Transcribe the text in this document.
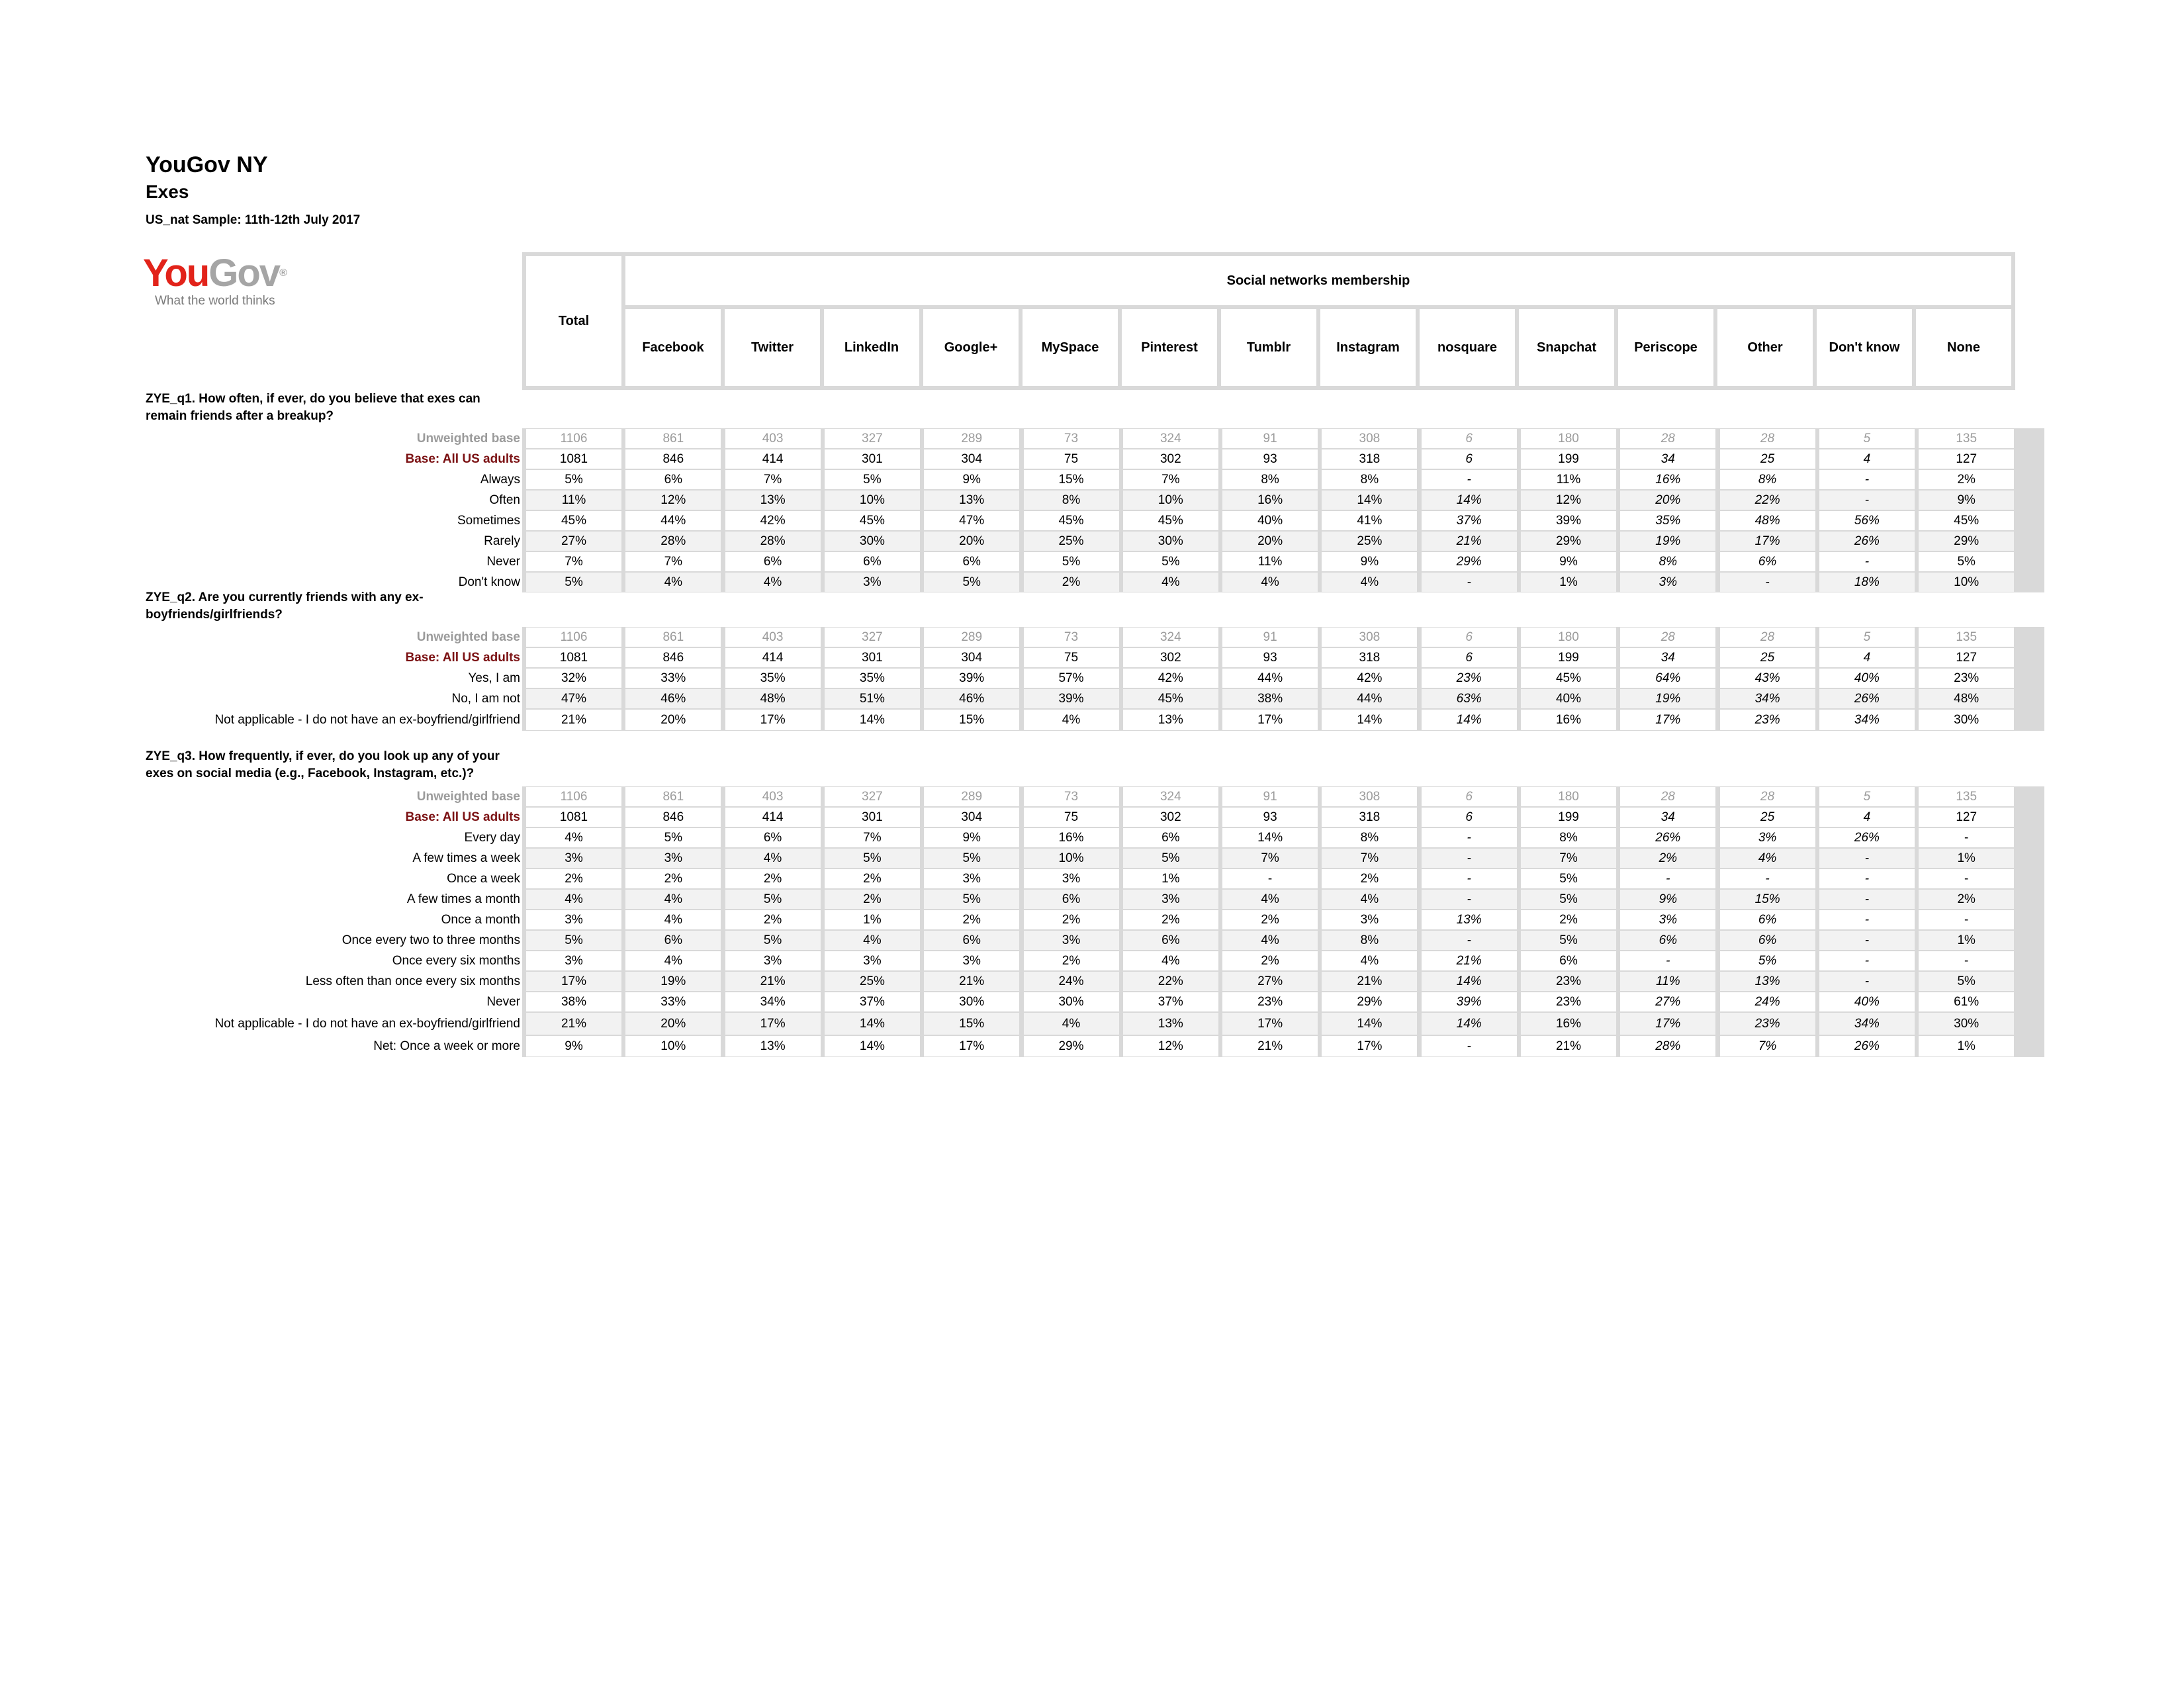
YouGov NY
Exes
US_nat Sample: 11th-12th July 2017
YouGov®
What the world thinks
Total	Social networks membership													
	Facebook	Twitter	LinkedIn	Google+	MySpace	Pinterest	Tumblr	Instagram	nosquare	Snapchat	Periscope	Other	Don't know	None
ZYE_q1. How often, if ever, do you believe that exes can remain friends after a breakup?
Unweighted base	1106	861	403	327	289	73	324	91	308	6	180	28	28	5	135
Base: All US adults	1081	846	414	301	304	75	302	93	318	6	199	34	25	4	127
Always	5%	6%	7%	5%	9%	15%	7%	8%	8%	-	11%	16%	8%	-	2%
Often	11%	12%	13%	10%	13%	8%	10%	16%	14%	14%	12%	20%	22%	-	9%
Sometimes	45%	44%	42%	45%	47%	45%	45%	40%	41%	37%	39%	35%	48%	56%	45%
Rarely	27%	28%	28%	30%	20%	25%	30%	20%	25%	21%	29%	19%	17%	26%	29%
Never	7%	7%	6%	6%	6%	5%	5%	11%	9%	29%	9%	8%	6%	-	5%
Don't know	5%	4%	4%	3%	5%	2%	4%	4%	4%	-	1%	3%	-	18%	10%
ZYE_q2. Are you currently friends with any ex-boyfriends/girlfriends?
Unweighted base	1106	861	403	327	289	73	324	91	308	6	180	28	28	5	135
Base: All US adults	1081	846	414	301	304	75	302	93	318	6	199	34	25	4	127
Yes, I am	32%	33%	35%	35%	39%	57%	42%	44%	42%	23%	45%	64%	43%	40%	23%
No, I am not	47%	46%	48%	51%	46%	39%	45%	38%	44%	63%	40%	19%	34%	26%	48%
Not applicable - I do not have an ex-boyfriend/girlfriend	21%	20%	17%	14%	15%	4%	13%	17%	14%	14%	16%	17%	23%	34%	30%
ZYE_q3. How frequently, if ever, do you look up any of your exes on social media (e.g., Facebook, Instagram, etc.)?
Unweighted base	1106	861	403	327	289	73	324	91	308	6	180	28	28	5	135
Base: All US adults	1081	846	414	301	304	75	302	93	318	6	199	34	25	4	127
Every day	4%	5%	6%	7%	9%	16%	6%	14%	8%	-	8%	26%	3%	26%	-
A few times a week	3%	3%	4%	5%	5%	10%	5%	7%	7%	-	7%	2%	4%	-	1%
Once a week	2%	2%	2%	2%	3%	3%	1%	-	2%	-	5%	-	-	-	-
A few times a month	4%	4%	5%	2%	5%	6%	3%	4%	4%	-	5%	9%	15%	-	2%
Once a month	3%	4%	2%	1%	2%	2%	2%	2%	3%	13%	2%	3%	6%	-	-
Once every two to three months	5%	6%	5%	4%	6%	3%	6%	4%	8%	-	5%	6%	6%	-	1%
Once every six months	3%	4%	3%	3%	3%	2%	4%	2%	4%	21%	6%	-	5%	-	-
Less often than once every six months	17%	19%	21%	25%	21%	24%	22%	27%	21%	14%	23%	11%	13%	-	5%
Never	38%	33%	34%	37%	30%	30%	37%	23%	29%	39%	23%	27%	24%	40%	61%
Not applicable - I do not have an ex-boyfriend/girlfriend	21%	20%	17%	14%	15%	4%	13%	17%	14%	14%	16%	17%	23%	34%	30%
Net: Once a week or more	9%	10%	13%	14%	17%	29%	12%	21%	17%	-	21%	28%	7%	26%	1%
